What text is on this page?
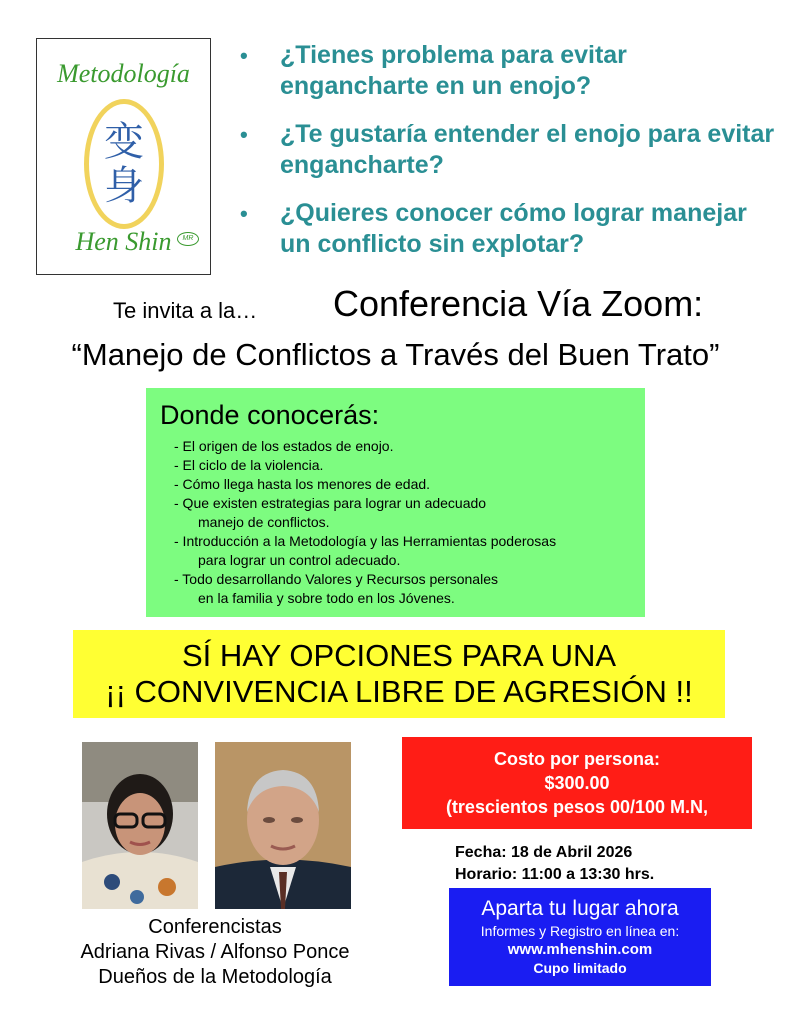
Metodología
变
身
Hen Shin	MR
• ¿Tienes problema para evitar engancharte en un enojo?
• ¿Te gustaría entender el enojo para evitar engancharte?
• ¿Quieres conocer cómo lograr manejar un conflicto sin explotar?
Te invita a la… Conferencia Vía Zoom:
“Manejo de Conflictos a Través del Buen Trato”
Donde conocerás:
- El origen de los estados de enojo.
- El ciclo de la violencia.
- Cómo llega hasta los menores de edad.
- Que existen estrategias para lograr un adecuado
manejo de conflictos.
- Introducción a la Metodología y las Herramientas poderosas
para lograr un control adecuado.
- Todo desarrollando Valores y Recursos personales
en la familia y sobre todo en los Jóvenes.
SÍ HAY OPCIONES PARA UNA
¡¡ CONVIVENCIA LIBRE DE AGRESIÓN !!
Conferencistas
Adriana Rivas / Alfonso Ponce
Dueños de la Metodología
Costo por persona:
$300.00
(trescientos pesos 00/100 M.N,
Fecha: 18 de Abril 2026
Horario: 11:00 a 13:30 hrs.
Aparta tu lugar ahora
Informes y Registro en línea en:
www.mhenshin.com
Cupo limitado
